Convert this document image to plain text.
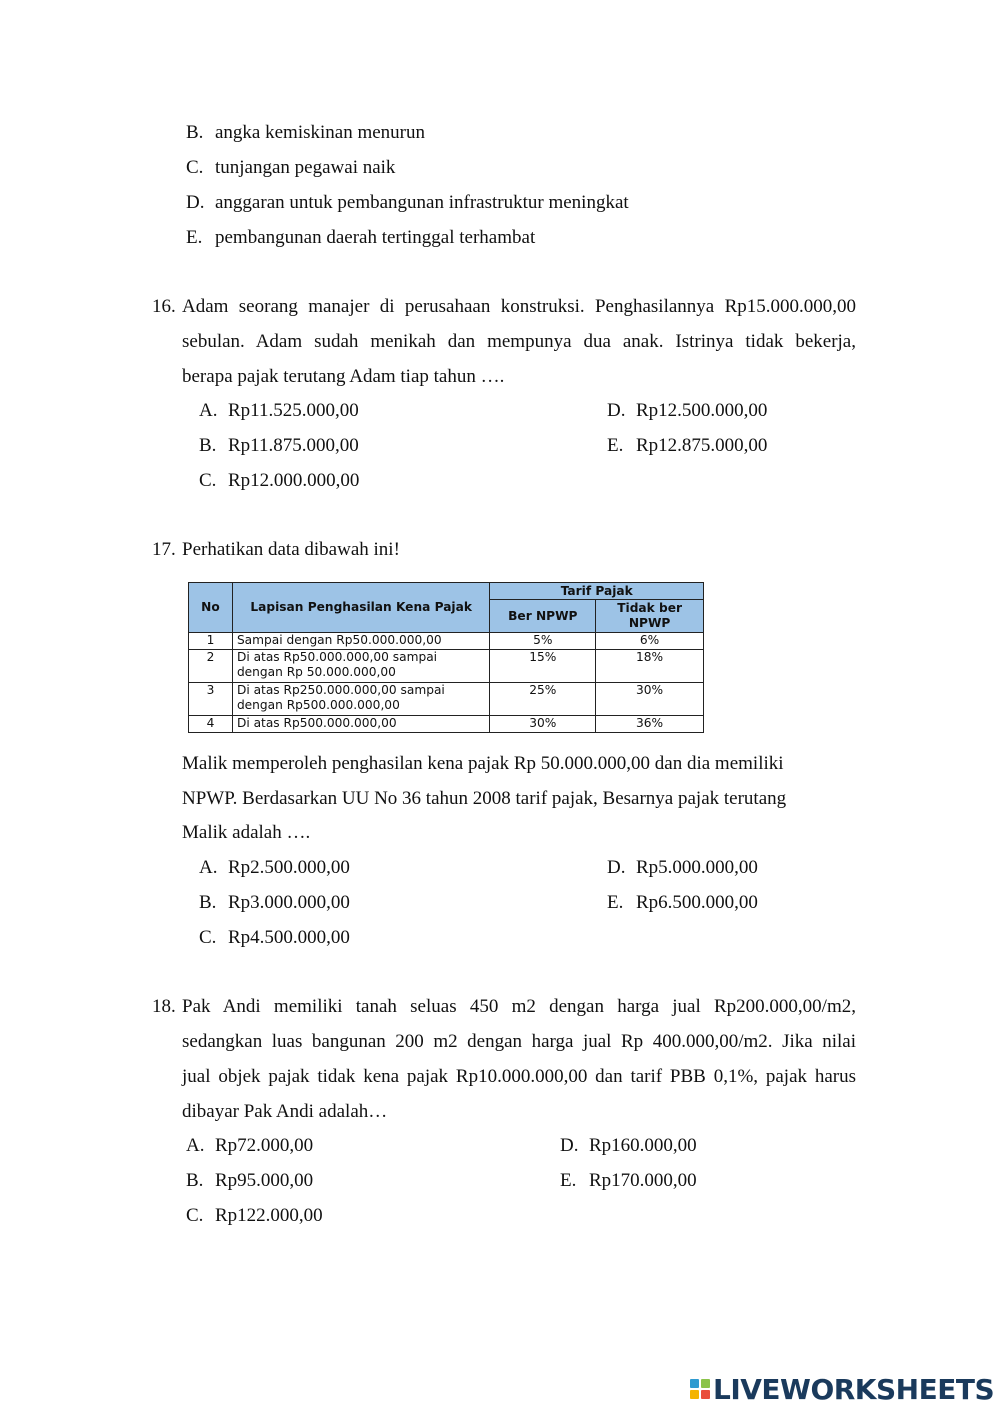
B. angka kemiskinan menurun
C. tunjangan pegawai naik
D. anggaran untuk pembangunan infrastruktur meningkat
E. pembangunan daerah tertinggal terhambat
16. Adam seorang manajer di perusahaan konstruksi. Penghasilannya Rp15.000.000,00
sebulan. Adam sudah menikah dan mempunya dua anak. Istrinya tidak bekerja,
berapa pajak terutang Adam tiap tahun ….
A. Rp11.525.000,00
B. Rp11.875.000,00
C. Rp12.000.000,00
D. Rp12.500.000,00
E. Rp12.875.000,00
17. Perhatikan data dibawah ini!
No	Lapisan Penghasilan Kena Pajak	Tarif Pajak	
		Ber NPWP	Tidak ber NPWP
1	Sampai dengan Rp50.000.000,00	5%	6%
2	Di atas Rp50.000.000,00 sampai dengan Rp 50.000.000,00	15%	18%
3	Di atas Rp250.000.000,00 sampai dengan Rp500.000.000,00	25%	30%
4	Di atas Rp500.000.000,00	30%	36%
Malik memperoleh penghasilan kena pajak Rp 50.000.000,00 dan dia memiliki
NPWP. Berdasarkan UU No 36 tahun 2008 tarif pajak, Besarnya pajak terutang
Malik adalah ….
A. Rp2.500.000,00
B. Rp3.000.000,00
C. Rp4.500.000,00
D. Rp5.000.000,00
E. Rp6.500.000,00
18. Pak Andi memiliki tanah seluas 450 m2 dengan harga jual Rp200.000,00/m2,
sedangkan luas bangunan 200 m2 dengan harga jual Rp 400.000,00/m2. Jika nilai
jual objek pajak tidak kena pajak Rp10.000.000,00 dan tarif PBB 0,1%, pajak harus
dibayar Pak Andi adalah…
A. Rp72.000,00
B. Rp95.000,00
C. Rp122.000,00
D. Rp160.000,00
E. Rp170.000,00
LIVEWORKSHEETS
